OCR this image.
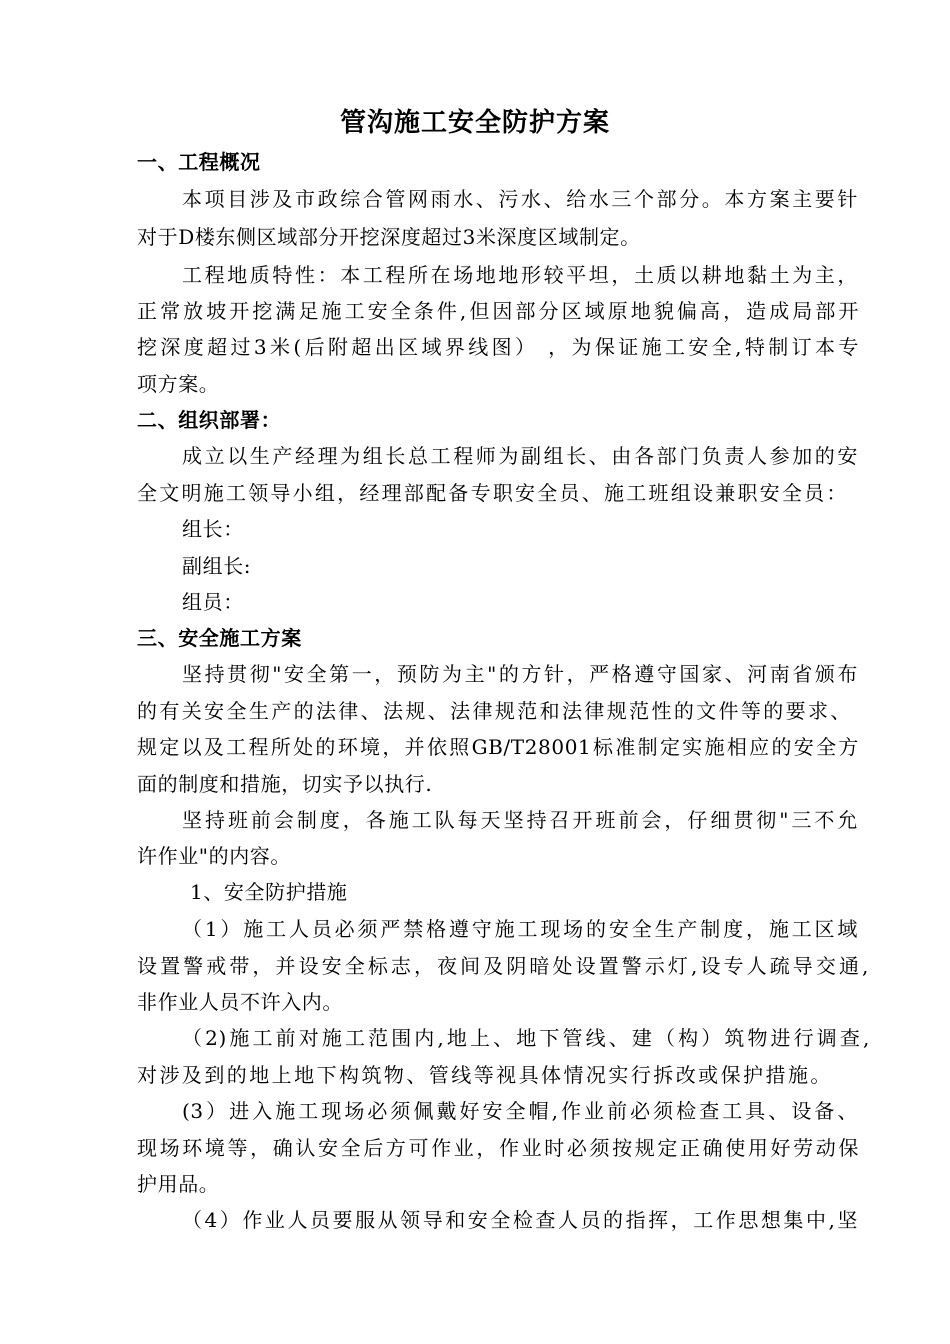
管沟施工安全防护方案
一、工程概况
本项目涉及市政综合管网雨水、污水、给水三个部分。本方案主要针
对于D楼东侧区域部分开挖深度超过3米深度区域制定。
工程地质特性：本工程所在场地地形较平坦，土质以耕地黏土为主，
正常放坡开挖满足施工安全条件,但因部分区域原地貌偏高，造成局部开
挖深度超过3米(后附超出区域界线图） ，为保证施工安全,特制订本专
项方案。
二、组织部署：
成立以生产经理为组长总工程师为副组长、由各部门负责人参加的安
全文明施工领导小组，经理部配备专职安全员、施工班组设兼职安全员：
组长：
副组长:
组员：
三、安全施工方案
坚持贯彻"安全第一，预防为主"的方针，严格遵守国家、河南省颁布
的有关安全生产的法律、法规、法律规范和法律规范性的文件等的要求、
规定以及工程所处的环境，并依照GB/T28001标准制定实施相应的安全方
面的制度和措施，切实予以执行.
坚持班前会制度，各施工队每天坚持召开班前会，仔细贯彻"三不允
许作业"的内容。
1、安全防护措施
（1）施工人员必须严禁格遵守施工现场的安全生产制度，施工区域
设置警戒带，并设安全标志，夜间及阴暗处设置警示灯,设专人疏导交通,
非作业人员不许入内。
（2)施工前对施工范围内,地上、地下管线、建（构）筑物进行调查,
对涉及到的地上地下构筑物、管线等视具体情况实行拆改或保护措施。
(3）进入施工现场必须佩戴好安全帽,作业前必须检查工具、设备、
现场环境等，确认安全后方可作业，作业时必须按规定正确使用好劳动保
护用品。
（4）作业人员要服从领导和安全检查人员的指挥，工作思想集中,坚
